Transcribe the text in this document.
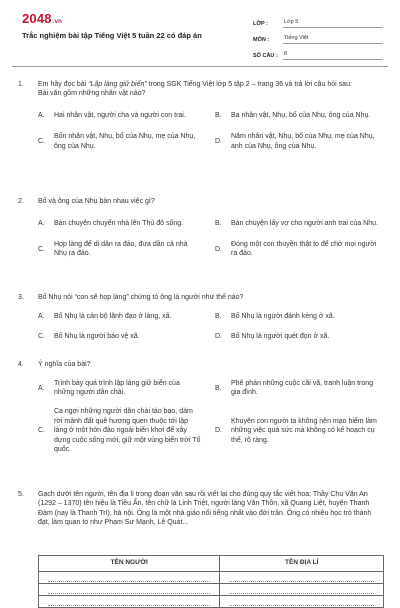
2048.vn
Trắc nghiệm bài tập Tiếng Việt 5 tuần 22 có đáp án
LỚP :	Lớp 5
MÔN :	Tiếng Việt
SỐ CÂU :	8
1.	Em hãy đọc bài “Lập làng giữ biển” trong SGK Tiếng Việt lớp 5 tập 2 – trang 36 và trả lời câu hỏi sau:
Bài văn gồm những nhân vật nào?
A.	Hai nhân vật, người cha và người con trai.	B.	Ba nhân vật, Nhụ, bố của Nhụ, ông của Nhụ.
C.
Bốn nhân vật, Nhụ, bố của Nhụ, mẹ của Nhụ, ông của Nhụ.
D.
Năm nhân vật, Nhụ, bố của Nhụ, mẹ của Nhụ, anh của Nhụ, ông của Nhụ.
2.	Bố và ông của Nhụ bàn nhau việc gì?
A.	Bàn chuyện chuyển nhà lên Thủ đô sống.	B.	Bàn chuyện lấy vợ cho người anh trai của Nhụ.
C.
Họp làng để di dân ra đảo, đưa dần cả nhà Nhụ ra đảo.
D.
Đóng một con thuyền thật to để chở mọi người ra đảo.
3.	Bố Nhụ nói “con sẽ họp làng” chứng tỏ ông là người như thế nào?
A.	Bố Nhụ là cán bộ lãnh đạo ở làng, xã.	B.	Bố Nhụ là người đánh kẻng ở xã.
C.	Bố Nhụ là người bảo vệ xã.	D.	Bố Nhụ là người quét đọn ở xã.
4.	Ý nghĩa của bài?
A.
Trình bày quá trình lập làng giữ biển của những người dân chài.
B.
Phê phán những cuộc cãi vã, tranh luận trong gia đình.
C.
Ca ngợi những người dân chài táo bạo, dám rời mảnh đất quê hương quen thuộc tới lập làng ở một hòn đảo ngoài biển khơi để xây dựng cuộc sống mới, giữ một vùng biển trời Tổ quốc.
D.
Khuyên con người ta không nên mạo hiểm làm những việc quá sức mà không có kế hoạch cụ thể, rõ ràng.
5.	Gạch dưới tên người, tên địa lí trong đoạn văn sau rồi viết lại cho đúng quy tắc viết hoa: Thầy Chu Văn An (1292 – 1370) tên hiệu là Tiều Ẩn, tên chữ là Linh Triệt, người làng Văn Thôn, xã Quang Liệt, huyện Thanh Đàm (nay là Thanh Trì), hà nội. Ông là một nhà giáo nổi tiếng nhất vào đời trần. Ông có nhiều học trò thành đạt, làm quan to như Phạm Sư Mạnh, Lê Quát...
TÊN NGƯỜI	TÊN ĐỊA LÍ
